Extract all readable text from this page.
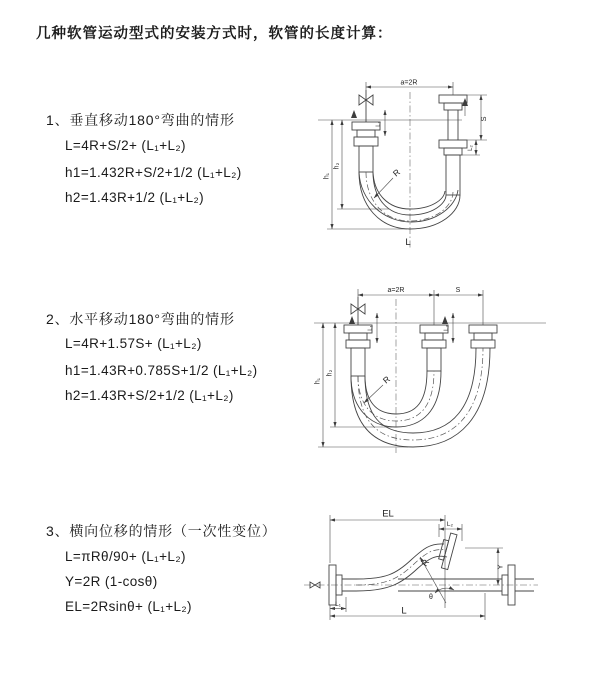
几种软管运动型式的安装方式时，软管的长度计算：
1、垂直移动180°弯曲的情形
L=4R+S/2+ (L₁+L₂)
h1=1.432R+S/2+1/2 (L₁+L₂)
h2=1.43R+1/2 (L₁+L₂)
2、水平移动180°弯曲的情形
L=4R+1.57S+ (L₁+L₂)
h1=1.43R+0.785S+1/2 (L₁+L₂)
h2=1.43R+S/2+1/2 (L₁+L₂)
3、横向位移的情形（一次性变位）
L=πRθ/90+ (L₁+L₂)
Y=2R (1-cosθ)
EL=2Rsinθ+ (L₁+L₂)
a=2R
S
L₂
L₁
h₁
h₂
R
L
a=2R	S
L₁	L₂
h₁
h₂
R
EL
L₂
Y
R
θ
L₁
L
